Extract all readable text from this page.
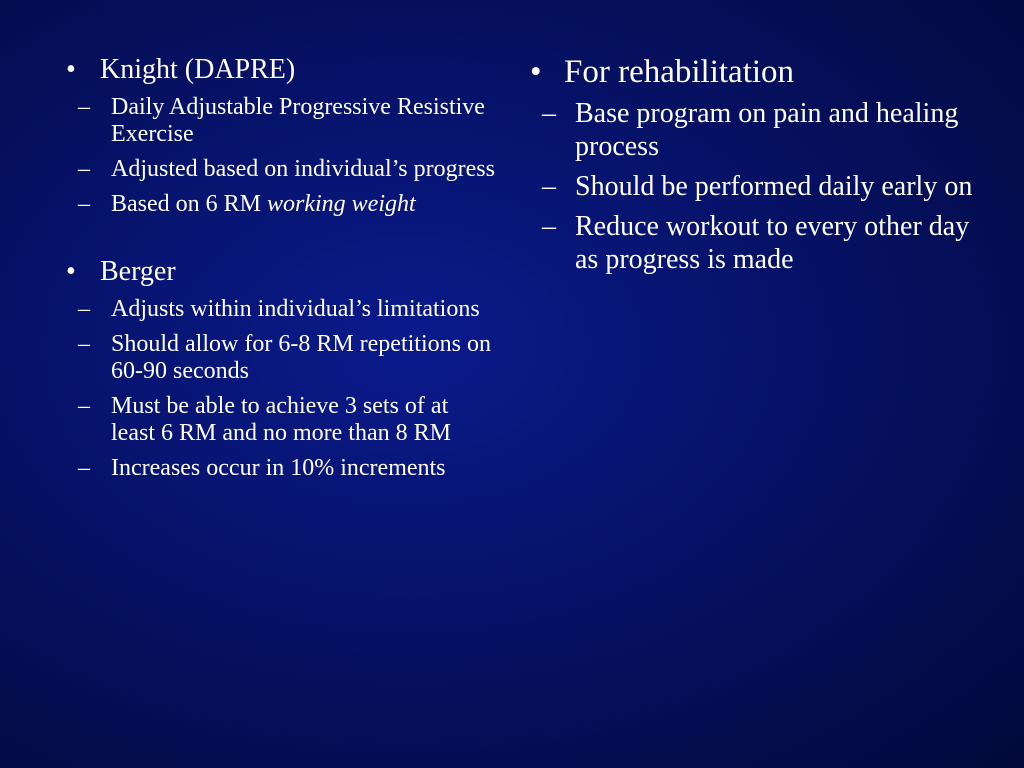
• Knight (DAPRE)
– Daily Adjustable Progressive Resistive Exercise
– Adjusted based on individual’s progress
– Based on 6 RM working weight
• Berger
– Adjusts within individual’s limitations
– Should allow for 6-8 RM repetitions on 60-90 seconds
– Must be able to achieve 3 sets of at least 6 RM and no more than 8 RM
– Increases occur in 10% increments
• For rehabilitation
– Base program on pain and healing process
– Should be performed daily early on
– Reduce workout to every other day as progress is made
